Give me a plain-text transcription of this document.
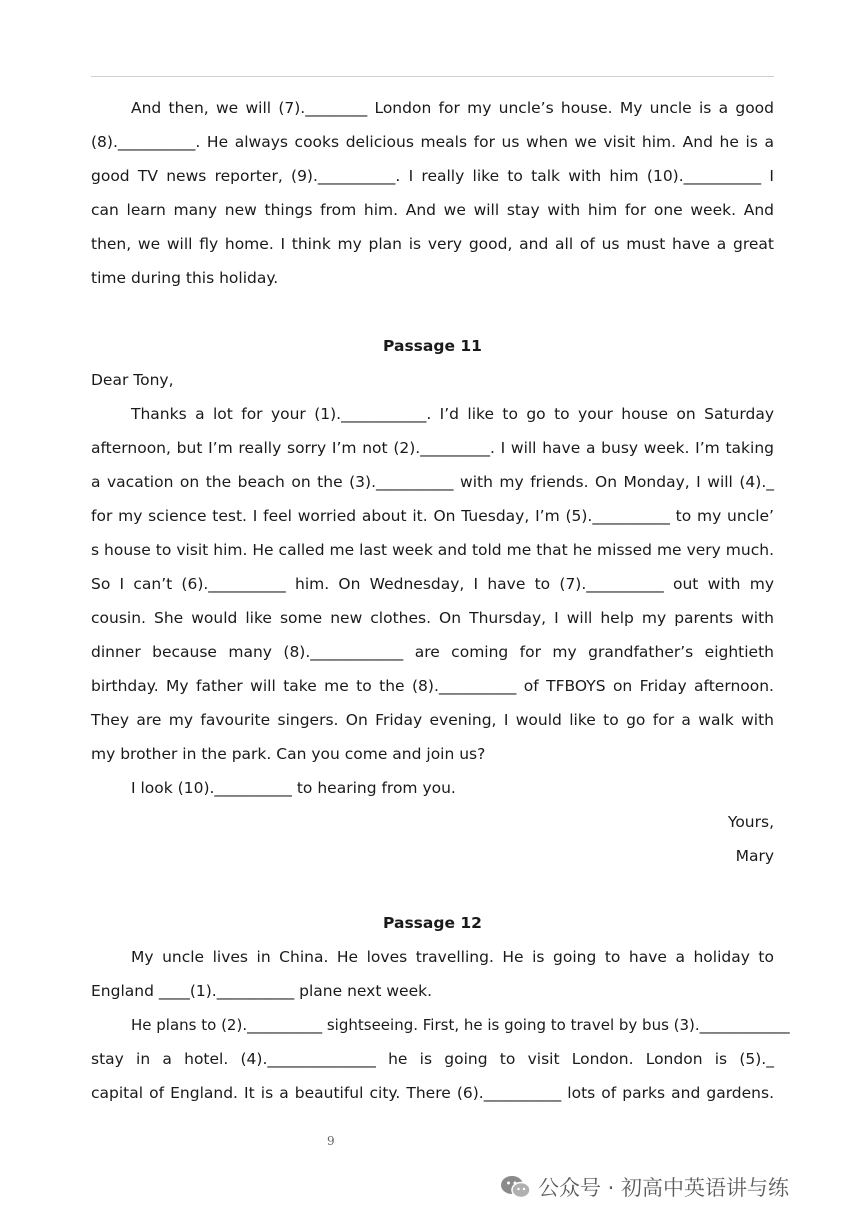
And then, we will (7).________ London for my uncle’s house. My uncle is a good
(8).__________. He always cooks delicious meals for us when we visit him. And he is a
good TV news reporter, (9).__________. I really like to talk with him (10).__________ I
can learn many new things from him. And we will stay with him for one week. And
then, we will fly home. I think my plan is very good, and all of us must have a great
time during this holiday.
Passage 11
Dear Tony,
Thanks a lot for your (1).___________. I’d like to go to your house on Saturday
afternoon, but I’m really sorry I’m not (2)._________. I will have a busy week. I’m taking
a vacation on the beach on the (3).__________ with my friends. On Monday, I will (4)._
for my science test. I feel worried about it. On Tuesday, I’m (5).__________ to my uncle’
s house to visit him. He called me last week and told me that he missed me very much.
So I can’t (6).__________ him. On Wednesday, I have to (7).__________ out with my
cousin. She would like some new clothes. On Thursday, I will help my parents with
dinner because many (8).____________ are coming for my grandfather’s eightieth
birthday. My father will take me to the (8).__________ of TFBOYS on Friday afternoon.
They are my favourite singers. On Friday evening, I would like to go for a walk with
my brother in the park. Can you come and join us?
I look (10).__________ to hearing from you.
Yours,
Mary
Passage 12
My uncle lives in China. He loves travelling. He is going to have a holiday to
England ____(1).__________ plane next week.
He plans to (2).__________ sightseeing. First, he is going to travel by bus (3).____________
stay in a hotel. (4).______________ he is going to visit London. London is (5)._
capital of England. It is a beautiful city. There (6).__________ lots of parks and gardens.
9
公众号 · 初高中英语讲与练
